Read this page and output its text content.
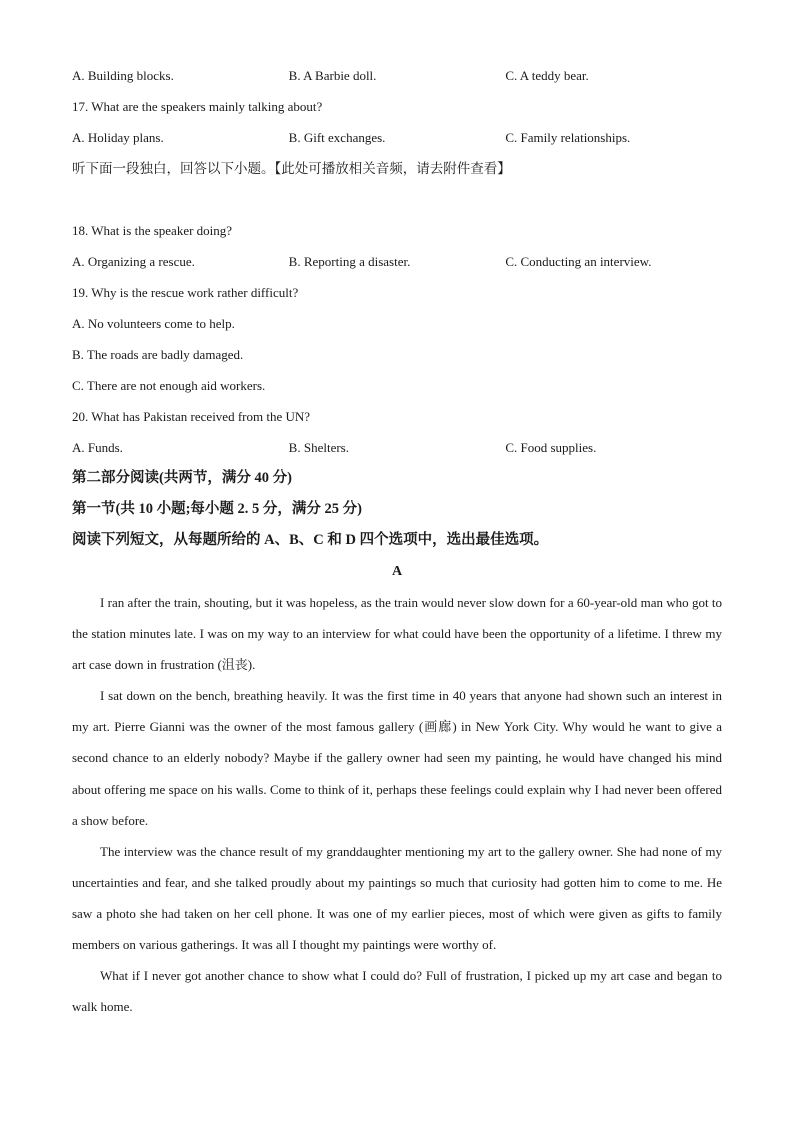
A. Building blocks.	B. A Barbie doll.	C. A teddy bear.
17. What are the speakers mainly talking about?
A. Holiday plans.	B. Gift exchanges.	C. Family relationships.
听下面一段独白，回答以下小题。【此处可播放相关音频，请去附件查看】
18. What is the speaker doing?
A. Organizing a rescue.	B. Reporting a disaster.	C. Conducting an interview.
19. Why is the rescue work rather difficult?
A. No volunteers come to help.
B. The roads are badly damaged.
C. There are not enough aid workers.
20. What has Pakistan received from the UN?
A. Funds.	B. Shelters.	C. Food supplies.
第二部分阅读(共两节，满分 40 分)
第一节(共 10 小题;每小题 2. 5 分，满分 25 分)
阅读下列短文，从每题所给的 A、B、C 和 D 四个选项中，选出最佳选项。
A

I ran after the train, shouting, but it was hopeless, as the train would never slow down for a 60-year-old man who got to the station minutes late. I was on my way to an interview for what could have been the opportunity of a lifetime. I threw my art case down in frustration (沮丧).

I sat down on the bench, breathing heavily. It was the first time in 40 years that anyone had shown such an interest in my art. Pierre Gianni was the owner of the most famous gallery (画廊) in New York City. Why would he want to give a second chance to an elderly nobody? Maybe if the gallery owner had seen my painting, he would have changed his mind about offering me space on his walls. Come to think of it, perhaps these feelings could explain why I had never been offered a show before.

The interview was the chance result of my granddaughter mentioning my art to the gallery owner. She had none of my uncertainties and fear, and she talked proudly about my paintings so much that curiosity had gotten him to come to me. He saw a photo she had taken on her cell phone. It was one of my earlier pieces, most of which were given as gifts to family members on various gatherings. It was all I thought my paintings were worthy of.

What if I never got another chance to show what I could do? Full of frustration, I picked up my art case and began to walk home.
